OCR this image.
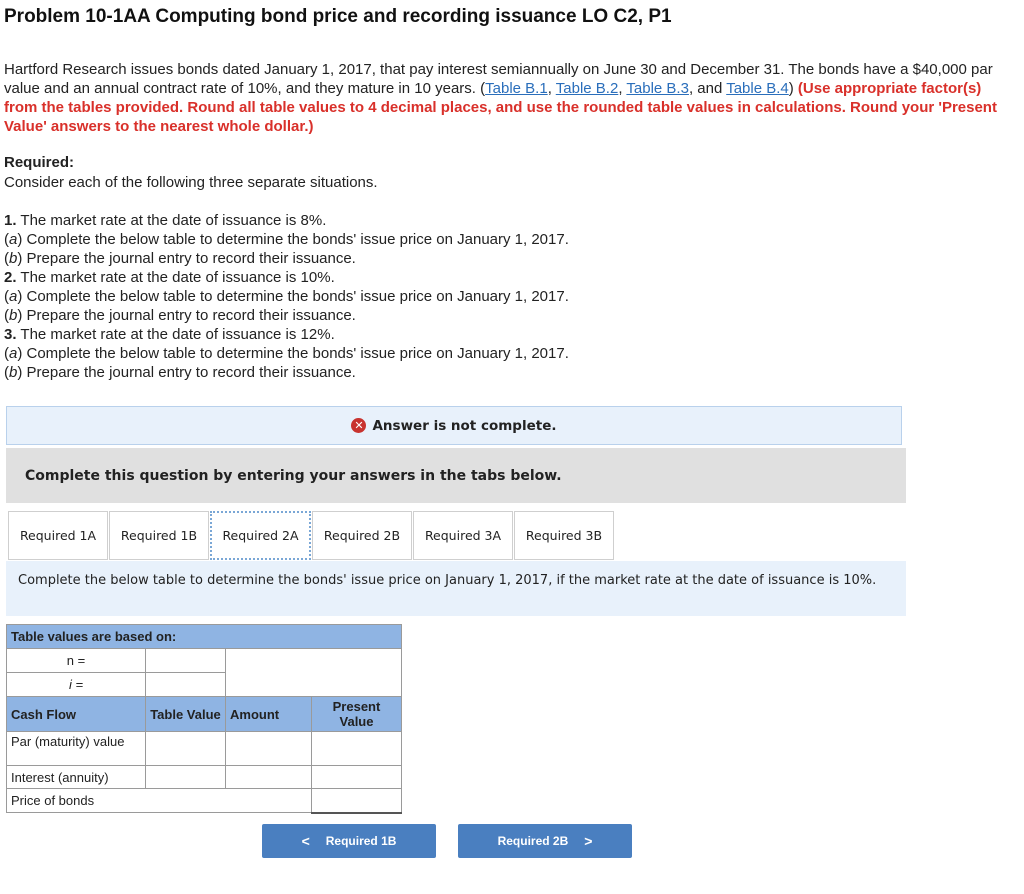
Problem 10-1AA Computing bond price and recording issuance LO C2, P1
Hartford Research issues bonds dated January 1, 2017, that pay interest semiannually on June 30 and December 31. The bonds have a $40,000 par value and an annual contract rate of 10%, and they mature in 10 years. (Table B.1, Table B.2, Table B.3, and Table B.4) (Use appropriate factor(s) from the tables provided. Round all table values to 4 decimal places, and use the rounded table values in calculations. Round your 'Present Value' answers to the nearest whole dollar.)
Required:
Consider each of the following three separate situations.
1. The market rate at the date of issuance is 8%.
(a) Complete the below table to determine the bonds' issue price on January 1, 2017.
(b) Prepare the journal entry to record their issuance.
2. The market rate at the date of issuance is 10%.
(a) Complete the below table to determine the bonds' issue price on January 1, 2017.
(b) Prepare the journal entry to record their issuance.
3. The market rate at the date of issuance is 12%.
(a) Complete the below table to determine the bonds' issue price on January 1, 2017.
(b) Prepare the journal entry to record their issuance.
✕ Answer is not complete.
Complete this question by entering your answers in the tabs below.
Required 1A	Required 1B	Required 2A	Required 2B	Required 3A	Required 3B
Complete the below table to determine the bonds' issue price on January 1, 2017, if the market rate at the date of issuance is 10%.
Table values are based on:			
n =			
i =			
Cash Flow	Table Value	Amount	Present Value
Par (maturity) value			
Interest (annuity)			
Price of bonds			
< Required 1B	Required 2B >
